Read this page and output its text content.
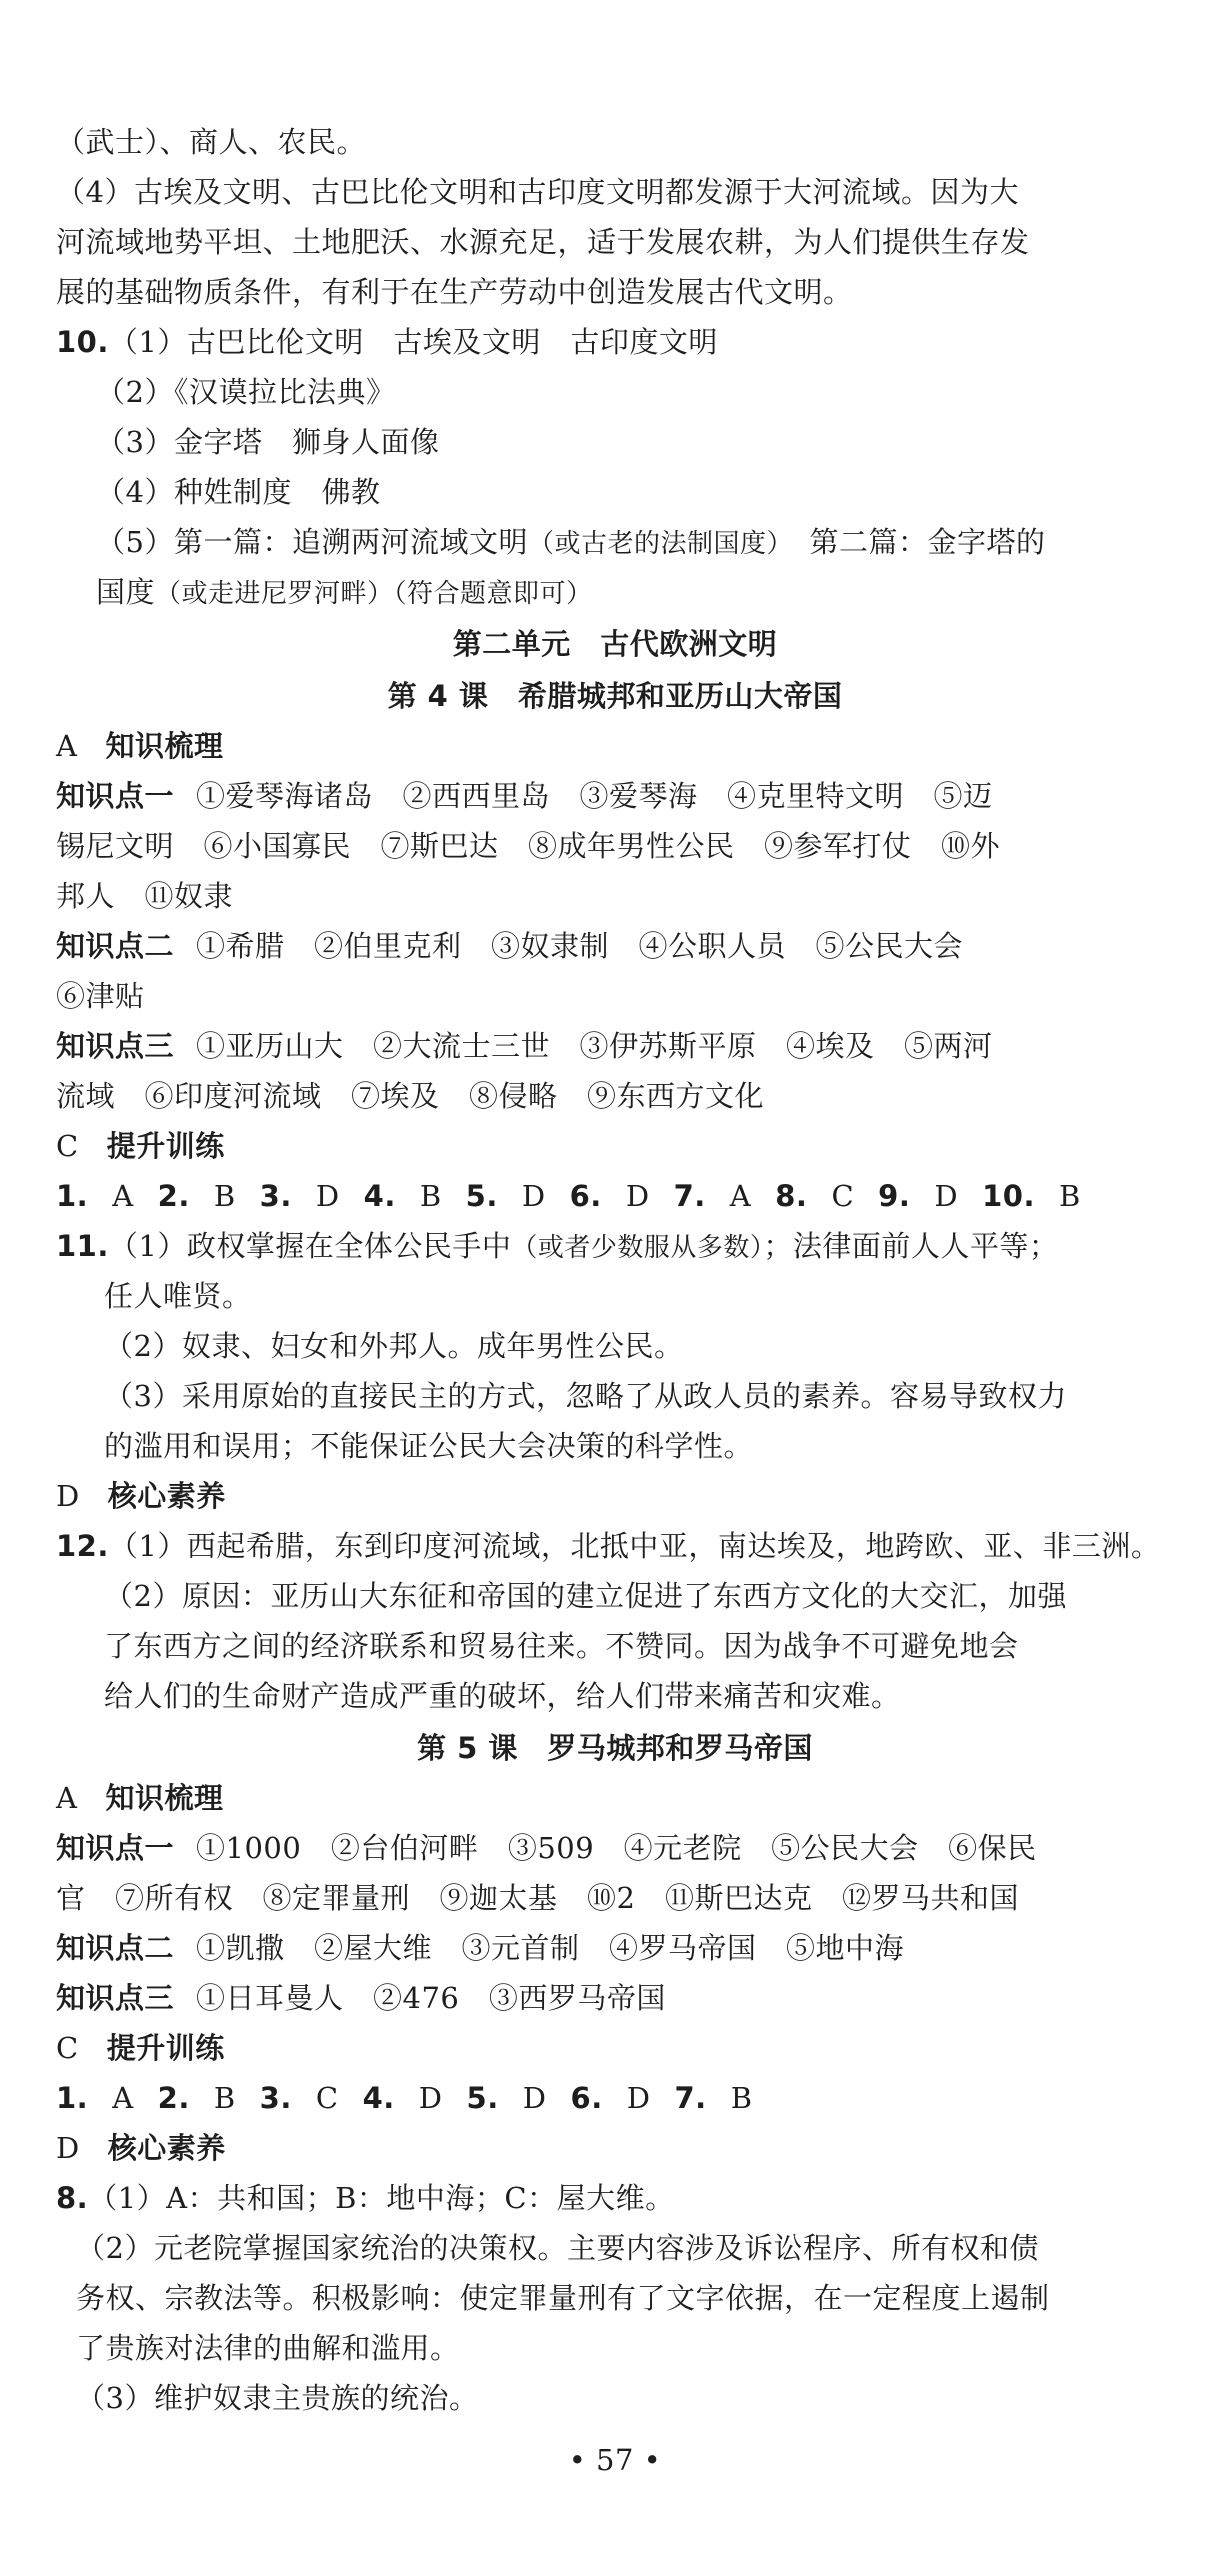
（武士）、商人、农民。
（4）古埃及文明、古巴比伦文明和古印度文明都发源于大河流域。因为大
河流域地势平坦、土地肥沃、水源充足，适于发展农耕，为人们提供生存发
展的基础物质条件，有利于在生产劳动中创造发展古代文明。
10.（1）古巴比伦文明　古埃及文明　古印度文明
（2）《汉谟拉比法典》
（3）金字塔　狮身人面像
（4）种姓制度　佛教
（5）第一篇：追溯两河流域文明（或古老的法制国度）　第二篇：金字塔的
国度（或走进尼罗河畔）（符合题意即可）
第二单元　古代欧洲文明
第 4 课　希腊城邦和亚历山大帝国
A 知识梳理
知识点一 ①爱琴海诸岛　②西西里岛　③爱琴海　④克里特文明　⑤迈
锡尼文明　⑥小国寡民　⑦斯巴达　⑧成年男性公民　⑨参军打仗　⑩外
邦人　⑪奴隶
知识点二 ①希腊　②伯里克利　③奴隶制　④公职人员　⑤公民大会
⑥津贴
知识点三 ①亚历山大　②大流士三世　③伊苏斯平原　④埃及　⑤两河
流域　⑥印度河流域　⑦埃及　⑧侵略　⑨东西方文化
C 提升训练
1. A 2. B 3. D 4. B 5. D 6. D 7. A 8. C 9. D 10. B
11.（1）政权掌握在全体公民手中（或者少数服从多数）；法律面前人人平等；
任人唯贤。
（2）奴隶、妇女和外邦人。成年男性公民。
（3）采用原始的直接民主的方式，忽略了从政人员的素养。容易导致权力
的滥用和误用；不能保证公民大会决策的科学性。
D 核心素养
12.（1）西起希腊，东到印度河流域，北抵中亚，南达埃及，地跨欧、亚、非三洲。
（2）原因：亚历山大东征和帝国的建立促进了东西方文化的大交汇，加强
了东西方之间的经济联系和贸易往来。不赞同。因为战争不可避免地会
给人们的生命财产造成严重的破坏，给人们带来痛苦和灾难。
第 5 课　罗马城邦和罗马帝国
A 知识梳理
知识点一 ①1000　②台伯河畔　③509　④元老院　⑤公民大会　⑥保民
官　⑦所有权　⑧定罪量刑　⑨迦太基　⑩2　⑪斯巴达克　⑫罗马共和国
知识点二 ①凯撒　②屋大维　③元首制　④罗马帝国　⑤地中海
知识点三 ①日耳曼人　②476　③西罗马帝国
C 提升训练
1. A 2. B 3. C 4. D 5. D 6. D 7. B
D 核心素养
8.（1）A：共和国；B：地中海；C：屋大维。
（2）元老院掌握国家统治的决策权。主要内容涉及诉讼程序、所有权和债
务权、宗教法等。积极影响：使定罪量刑有了文字依据，在一定程度上遏制
了贵族对法律的曲解和滥用。
（3）维护奴隶主贵族的统治。
• 57 •
